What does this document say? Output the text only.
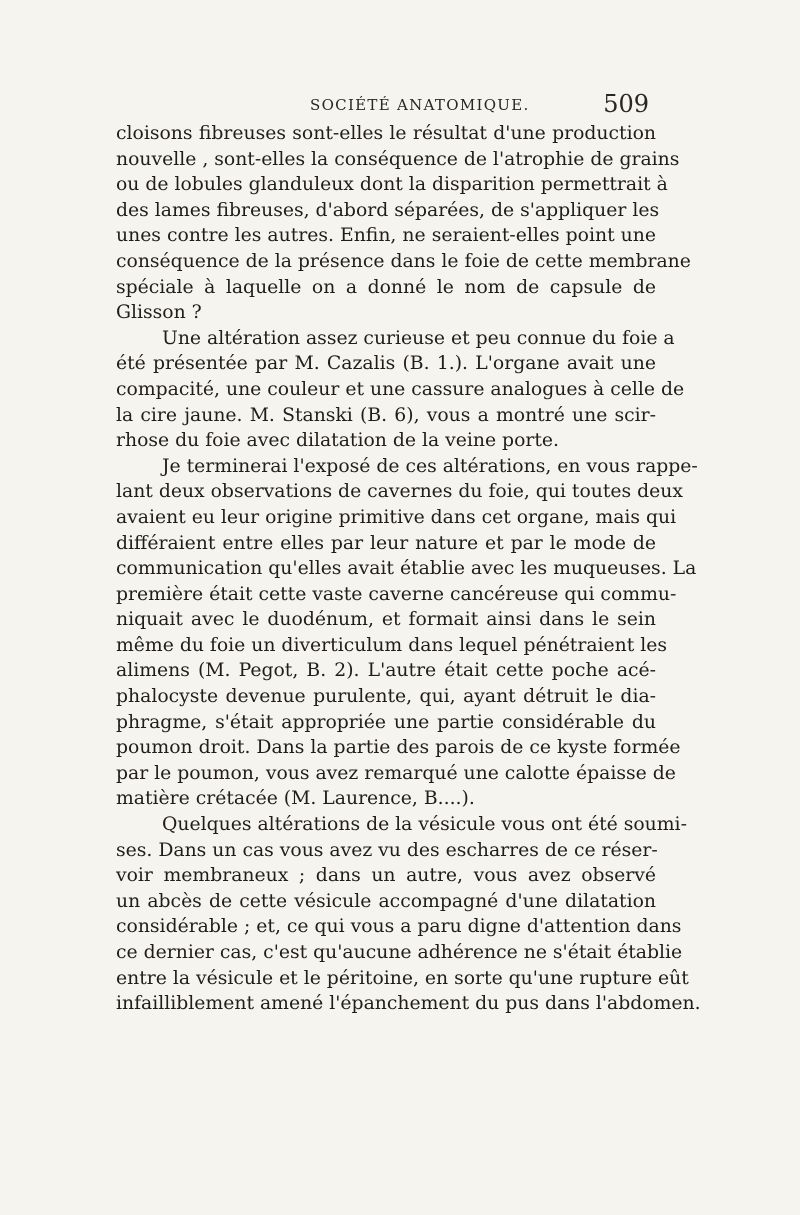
SOCIÉTÉ ANATOMIQUE.	509

cloisons fibreuses sont-elles le résultat d'une production
nouvelle , sont-elles la conséquence de l'atrophie de grains
ou de lobules glanduleux dont la disparition permettrait à
des lames fibreuses, d'abord séparées, de s'appliquer les
unes contre les autres. Enfin, ne seraient-elles point une
conséquence de la présence dans le foie de cette membrane
spéciale à laquelle on a donné le nom de capsule de
Glisson ?

Une altération assez curieuse et peu connue du foie a
été présentée par M. Cazalis (B. 1.). L'organe avait une
compacité, une couleur et une cassure analogues à celle de
la cire jaune. M. Stanski (B. 6), vous a montré une scir-
rhose du foie avec dilatation de la veine porte.

Je terminerai l'exposé de ces altérations, en vous rappe-
lant deux observations de cavernes du foie, qui toutes deux
avaient eu leur origine primitive dans cet organe, mais qui
différaient entre elles par leur nature et par le mode de
communication qu'elles avait établie avec les muqueuses. La
première était cette vaste caverne cancéreuse qui commu-
niquait avec le duodénum, et formait ainsi dans le sein
même du foie un diverticulum dans lequel pénétraient les
alimens (M. Pegot, B. 2). L'autre était cette poche acé-
phalocyste devenue purulente, qui, ayant détruit le dia-
phragme, s'était appropriée une partie considérable du
poumon droit. Dans la partie des parois de ce kyste formée
par le poumon, vous avez remarqué une calotte épaisse de
matière crétacée (M. Laurence, B....).

Quelques altérations de la vésicule vous ont été soumi-
ses. Dans un cas vous avez vu des escharres de ce réser-
voir membraneux ; dans un autre, vous avez observé
un abcès de cette vésicule accompagné d'une dilatation
considérable ; et, ce qui vous a paru digne d'attention dans
ce dernier cas, c'est qu'aucune adhérence ne s'était établie
entre la vésicule et le péritoine, en sorte qu'une rupture eût
infailliblement amené l'épanchement du pus dans l'abdomen.
